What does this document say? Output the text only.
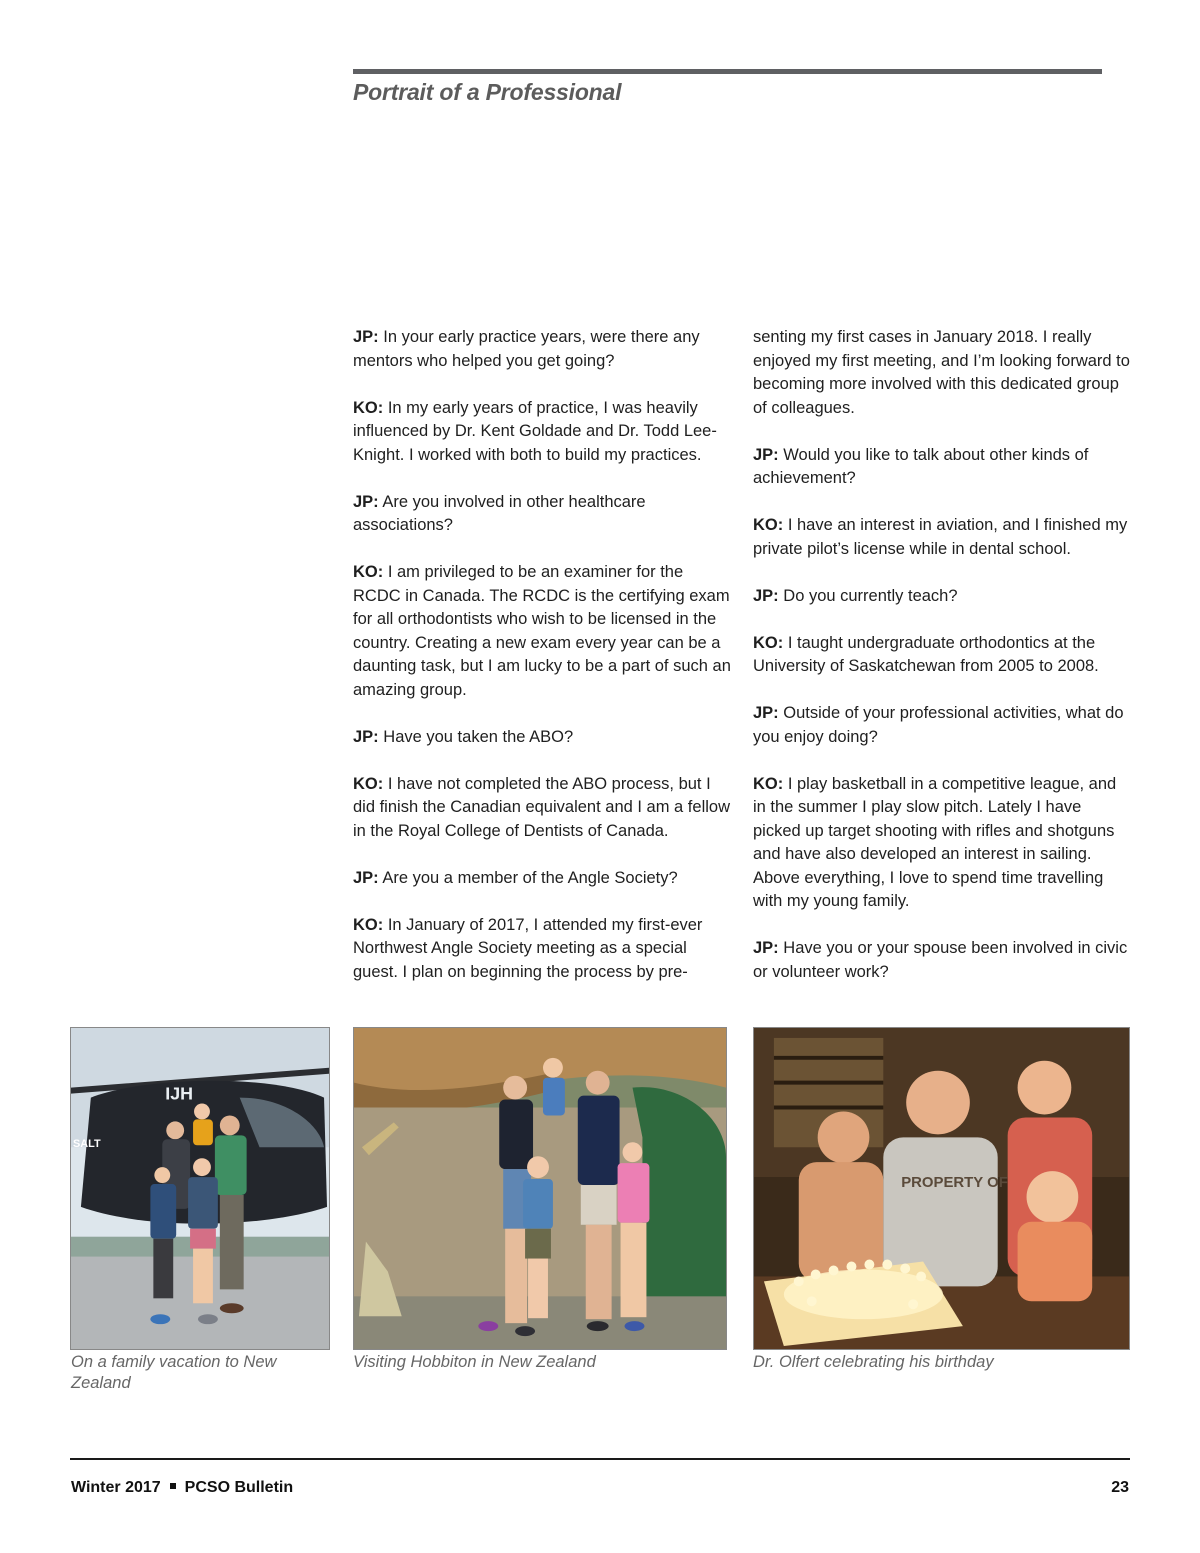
Portrait of a Professional

JP: In your early practice years, were there any mentors who helped you get going?

KO: In my early years of practice, I was heavily influenced by Dr. Kent Goldade and Dr. Todd Lee-Knight. I worked with both to build my practices.

JP: Are you involved in other healthcare associations?

KO: I am privileged to be an examiner for the RCDC in Canada. The RCDC is the certifying exam for all orthodontists who wish to be licensed in the country. Creating a new exam every year can be a daunting task, but I am lucky to be a part of such an amazing group.

JP: Have you taken the ABO?

KO: I have not completed the ABO process, but I did finish the Canadian equivalent and I am a fellow in the Royal College of Dentists of Canada.

JP: Are you a member of the Angle Society?

KO: In January of 2017, I attended my first-ever Northwest Angle Society meeting as a special guest. I plan on beginning the process by pre-

senting my first cases in January 2018. I really enjoyed my first meeting, and I’m looking forward to becoming more involved with this dedicated group of colleagues.

JP: Would you like to talk about other kinds of achievement?

KO: I have an interest in aviation, and I finished my private pilot’s license while in dental school.

JP: Do you currently teach?

KO: I taught undergraduate orthodontics at the University of Saskatchewan from 2005 to 2008.

JP: Outside of your professional activities, what do you enjoy doing?

KO: I play basketball in a competitive league, and in the summer I play slow pitch. Lately I have picked up target shooting with rifles and shotguns and have also developed an interest in sailing. Above everything, I love to spend time travelling with my young family.

JP: Have you or your spouse been involved in civic or volunteer work?

IJH
SALT
PROPERTY OF

On a family vacation to New Zealand

Visiting Hobbiton in New Zealand	Dr. Olfert celebrating his birthday

Winter 2017 PCSO Bulletin	23
